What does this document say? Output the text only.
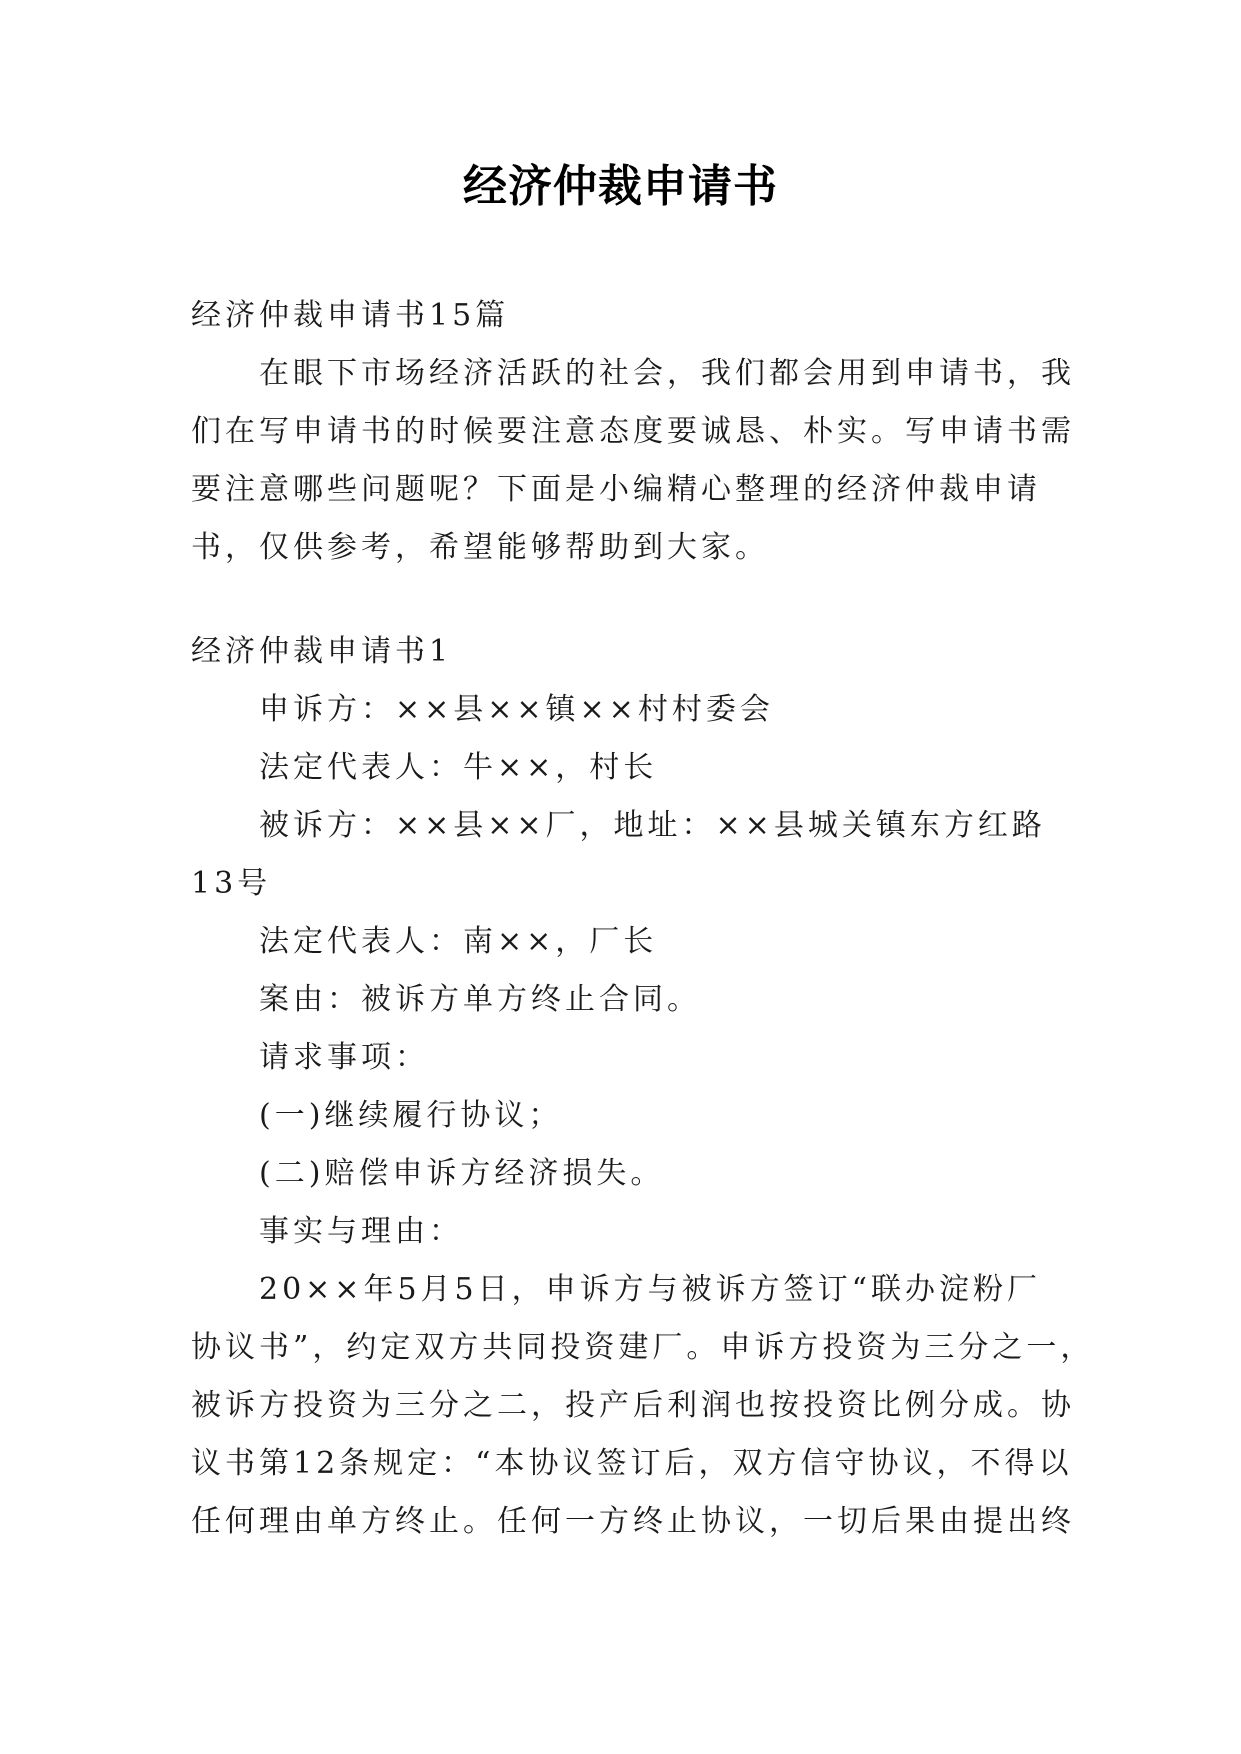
经济仲裁申请书
经济仲裁申请书15篇
在眼下市场经济活跃的社会，我们都会用到申请书，我
们在写申请书的时候要注意态度要诚恳、朴实。写申请书需
要注意哪些问题呢？下面是小编精心整理的经济仲裁申请
书，仅供参考，希望能够帮助到大家。
经济仲裁申请书1
申诉方：××县××镇××村村委会
法定代表人：牛××，村长
被诉方：××县××厂，地址：××县城关镇东方红路
13号
法定代表人：南××，厂长
案由：被诉方单方终止合同。
请求事项：
(一)继续履行协议；
(二)赔偿申诉方经济损失。
事实与理由：
20××年5月5日，申诉方与被诉方签订“联办淀粉厂
协议书”，约定双方共同投资建厂。申诉方投资为三分之一，
被诉方投资为三分之二，投产后利润也按投资比例分成。协
议书第12条规定：“本协议签订后，双方信守协议，不得以
任何理由单方终止。任何一方终止协议，一切后果由提出终
